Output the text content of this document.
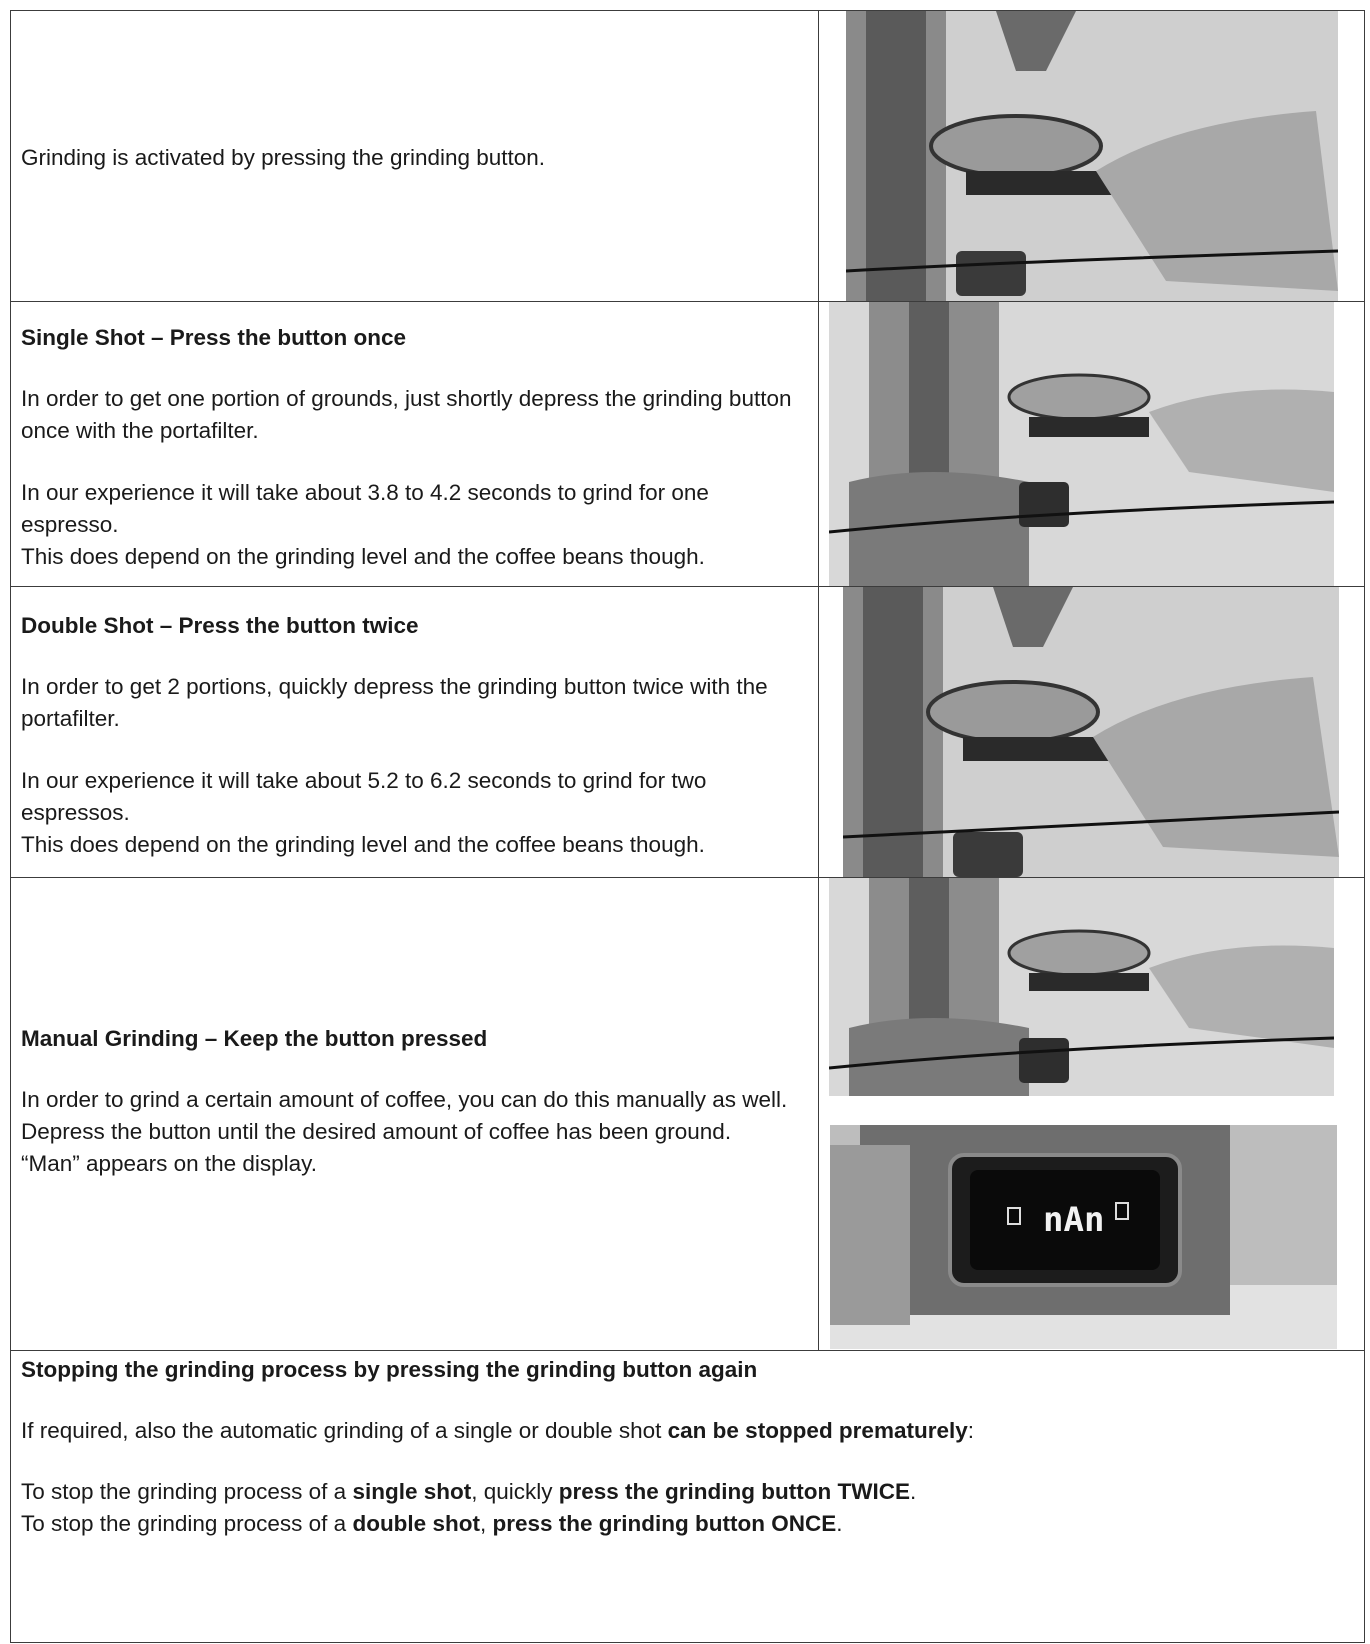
Grinding is activated by pressing the grinding button.

Single Shot – Press the button once

In order to get one portion of grounds, just shortly depress the grinding button once with the portafilter.

In our experience it will take about 3.8 to 4.2 seconds to grind for one espresso.

This does depend on the grinding level and the coffee beans though.

Double Shot – Press the button twice

In order to get 2 portions, quickly depress the grinding button twice with the portafilter.

In our experience it will take about 5.2 to 6.2 seconds to grind for two espressos.

This does depend on the grinding level and the coffee beans though.

Manual Grinding – Keep the button pressed

In order to grind a certain amount of coffee, you can do this manually as well. Depress the button until the desired amount of coffee has been ground.

“Man” appears on the display.

nAn

Stopping the grinding process by pressing the grinding button again

If required, also the automatic grinding of a single or double shot can be stopped prematurely:

To stop the grinding process of a single shot, quickly press the grinding button TWICE.

To stop the grinding process of a double shot, press the grinding button ONCE.
